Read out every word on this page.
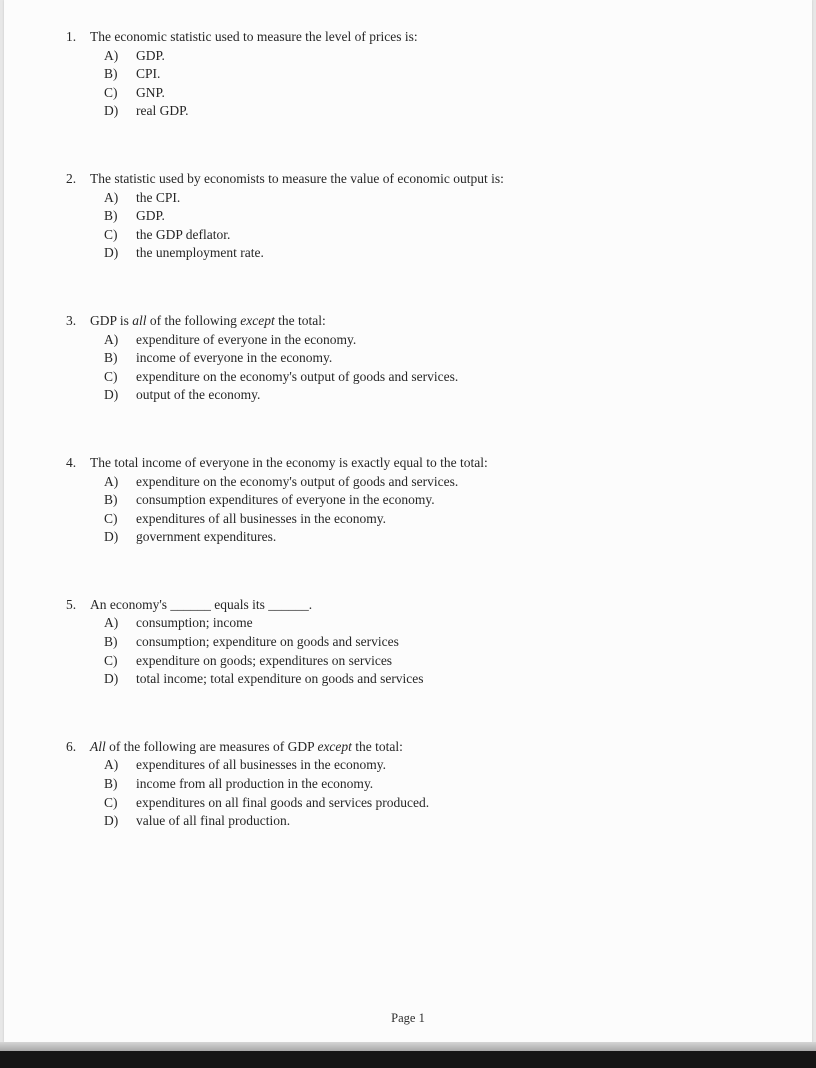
1.	The economic statistic used to measure the level of prices is:
A)	GDP.
B)	CPI.
C)	GNP.
D)	real GDP.
2.	The statistic used by economists to measure the value of economic output is:
A)	the CPI.
B)	GDP.
C)	the GDP deflator.
D)	the unemployment rate.
3.	GDP is all of the following except the total:
A)	expenditure of everyone in the economy.
B)	income of everyone in the economy.
C)	expenditure on the economy's output of goods and services.
D)	output of the economy.
4.	The total income of everyone in the economy is exactly equal to the total:
A)	expenditure on the economy's output of goods and services.
B)	consumption expenditures of everyone in the economy.
C)	expenditures of all businesses in the economy.
D)	government expenditures.
5.	An economy's ______ equals its ______.
A)	consumption; income
B)	consumption; expenditure on goods and services
C)	expenditure on goods; expenditures on services
D)	total income; total expenditure on goods and services
6.	All of the following are measures of GDP except the total:
A)	expenditures of all businesses in the economy.
B)	income from all production in the economy.
C)	expenditures on all final goods and services produced.
D)	value of all final production.
Page 1
